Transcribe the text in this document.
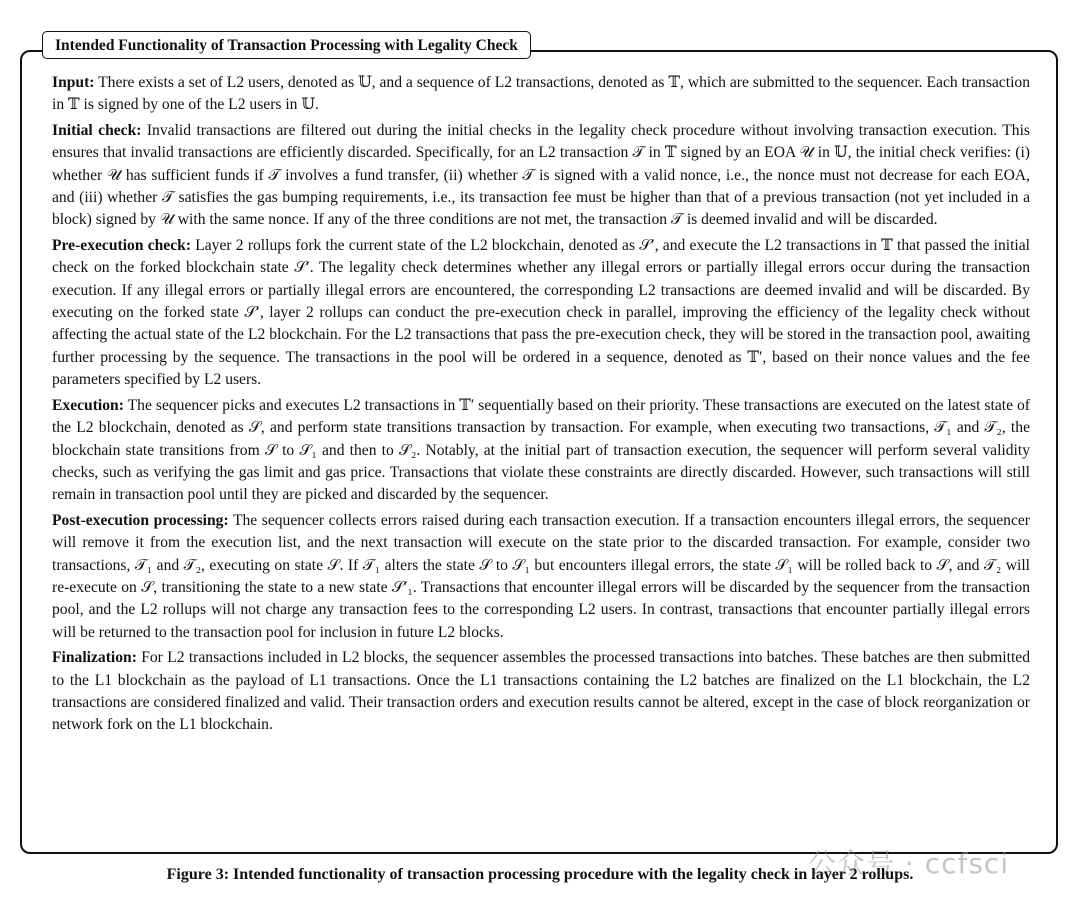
Intended Functionality of Transaction Processing with Legality Check

Input: There exists a set of L2 users, denoted as 𝕌, and a sequence of L2 transactions, denoted as 𝕋, which are submitted to the sequencer. Each transaction in 𝕋 is signed by one of the L2 users in 𝕌.

Initial check: Invalid transactions are filtered out during the initial checks in the legality check procedure without involving transaction execution. This ensures that invalid transactions are efficiently discarded. Specifically, for an L2 transaction 𝒯 in 𝕋 signed by an EOA 𝒰 in 𝕌, the initial check verifies: (i) whether 𝒰 has sufficient funds if 𝒯 involves a fund transfer, (ii) whether 𝒯 is signed with a valid nonce, i.e., the nonce must not decrease for each EOA, and (iii) whether 𝒯 satisfies the gas bumping requirements, i.e., its transaction fee must be higher than that of a previous transaction (not yet included in a block) signed by 𝒰 with the same nonce. If any of the three conditions are not met, the transaction 𝒯 is deemed invalid and will be discarded.

Pre-execution check: Layer 2 rollups fork the current state of the L2 blockchain, denoted as 𝒮′, and execute the L2 transactions in 𝕋 that passed the initial check on the forked blockchain state 𝒮′. The legality check determines whether any illegal errors or partially illegal errors occur during the transaction execution. If any illegal errors or partially illegal errors are encountered, the corresponding L2 transactions are deemed invalid and will be discarded. By executing on the forked state 𝒮′, layer 2 rollups can conduct the pre-execution check in parallel, improving the efficiency of the legality check without affecting the actual state of the L2 blockchain. For the L2 transactions that pass the pre-execution check, they will be stored in the transaction pool, awaiting further processing by the sequence. The transactions in the pool will be ordered in a sequence, denoted as 𝕋′, based on their nonce values and the fee parameters specified by L2 users.

Execution: The sequencer picks and executes L2 transactions in 𝕋′ sequentially based on their priority. These transactions are executed on the latest state of the L2 blockchain, denoted as 𝒮, and perform state transitions transaction by transaction. For example, when executing two transactions, 𝒯₁ and 𝒯₂, the blockchain state transitions from 𝒮 to 𝒮₁ and then to 𝒮₂. Notably, at the initial part of transaction execution, the sequencer will perform several validity checks, such as verifying the gas limit and gas price. Transactions that violate these constraints are directly discarded. However, such transactions will still remain in transaction pool until they are picked and discarded by the sequencer.

Post-execution processing: The sequencer collects errors raised during each transaction execution. If a transaction encounters illegal errors, the sequencer will remove it from the execution list, and the next transaction will execute on the state prior to the discarded transaction. For example, consider two transactions, 𝒯₁ and 𝒯₂, executing on state 𝒮. If 𝒯₁ alters the state 𝒮 to 𝒮₁ but encounters illegal errors, the state 𝒮₁ will be rolled back to 𝒮, and 𝒯₂ will re-execute on 𝒮, transitioning the state to a new state 𝒮′₁. Transactions that encounter illegal errors will be discarded by the sequencer from the transaction pool, and the L2 rollups will not charge any transaction fees to the corresponding L2 users. In contrast, transactions that encounter partially illegal errors will be returned to the transaction pool for inclusion in future L2 blocks.

Finalization: For L2 transactions included in L2 blocks, the sequencer assembles the processed transactions into batches. These batches are then submitted to the L1 blockchain as the payload of L1 transactions. Once the L1 transactions containing the L2 batches are finalized on the L1 blockchain, the L2 transactions are considered finalized and valid. Their transaction orders and execution results cannot be altered, except in the case of block reorganization or network fork on the L1 blockchain.

公众号 · ccfsci
Figure 3: Intended functionality of transaction processing procedure with the legality check in layer 2 rollups.
